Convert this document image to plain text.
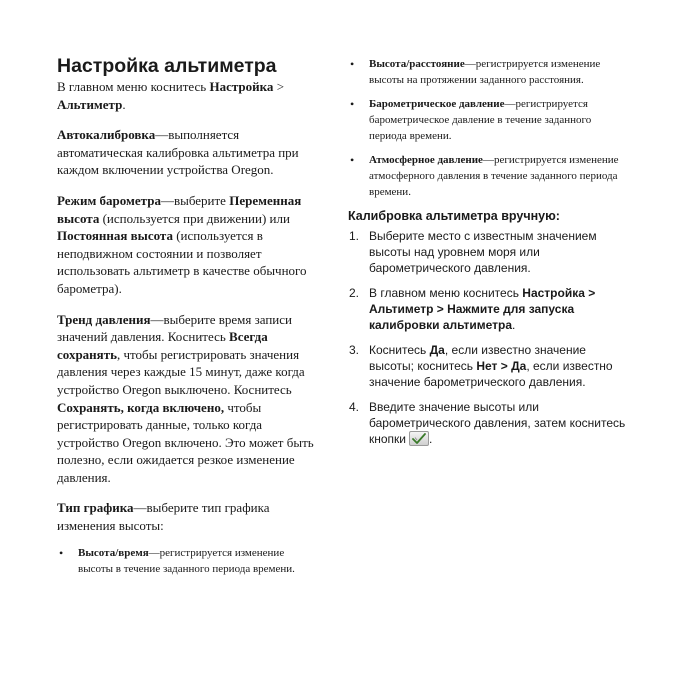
Настройка альтиметра

В главном меню коснитесь Настройка > Альтиметр.

Автокалибровка—выполняется автоматическая калибровка альтиметра при каждом включении устройства Oregon.

Режим барометра—выберите Переменная высота (используется при движении) или Постоянная высота (используется в неподвижном состоянии и позволяет использовать альтиметр в качестве обычного барометра).

Тренд давления—выберите время записи значений давления. Коснитесь Всегда сохранять, чтобы регистрировать значения давления через каждые 15 минут, даже когда устройство Oregon выключено. Коснитесь Сохранять, когда включено, чтобы регистрировать данные, только когда устройство Oregon включено. Это может быть полезно, если ожидается резкое изменение давления.

Тип графика—выберите тип графика изменения высоты:

• Высота/время—регистрируется изменение высоты в течение заданного периода времени.
• Высота/расстояние—регистрируется изменение высоты на протяжении заданного расстояния.
• Барометрическое давление—регистрируется барометрическое давление в течение заданного периода времени.
• Атмосферное давление—регистрируется изменение атмосферного давления в течение заданного периода времени.
Калибровка альтиметра вручную:
1. Выберите место с известным значением высоты над уровнем моря или барометрического давления.
2. В главном меню коснитесь Настройка > Альтиметр > Нажмите для запуска калибровки альтиметра.
3. Коснитесь Да, если известно значение высоты; коснитесь Нет > Да, если известно значение барометрического давления.
4. Введите значение высоты или барометрического давления, затем коснитесь кнопки .
